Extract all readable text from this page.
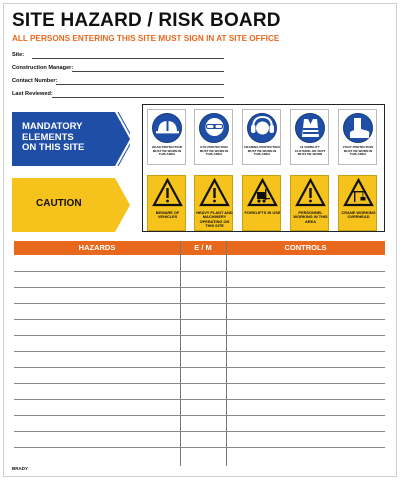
SITE HAZARD / RISK BOARD
ALL PERSONS ENTERING THIS SITE MUST SIGN IN AT SITE OFFICE
Site:
Construction Manager:
Contact Number:
Last Reviewed:
MANDATORY
ELEMENTS
ON THIS SITE
CAUTION
HEAD PROTECTION MUST BE WORN IN THIS AREA
EYE PROTECTION MUST BE WORN IN THIS AREA
HEARING PROTECTION MUST BE WORN IN THIS AREA
HI VISIBILITY CLOTHING OR VEST MUST BE WORN
FOOT PROTECTION MUST BE WORN IN THIS AREA
BEWARE OF VEHICLES
HEAVY PLANT AND MACHINERY OPERATING ON THIS SITE
FORKLIFTS IN USE	PERSONNEL WORKING IN THIS AREA
CRANE WORKING OVERHEAD
HAZARDS	E / M	CONTROLS
BRADY
